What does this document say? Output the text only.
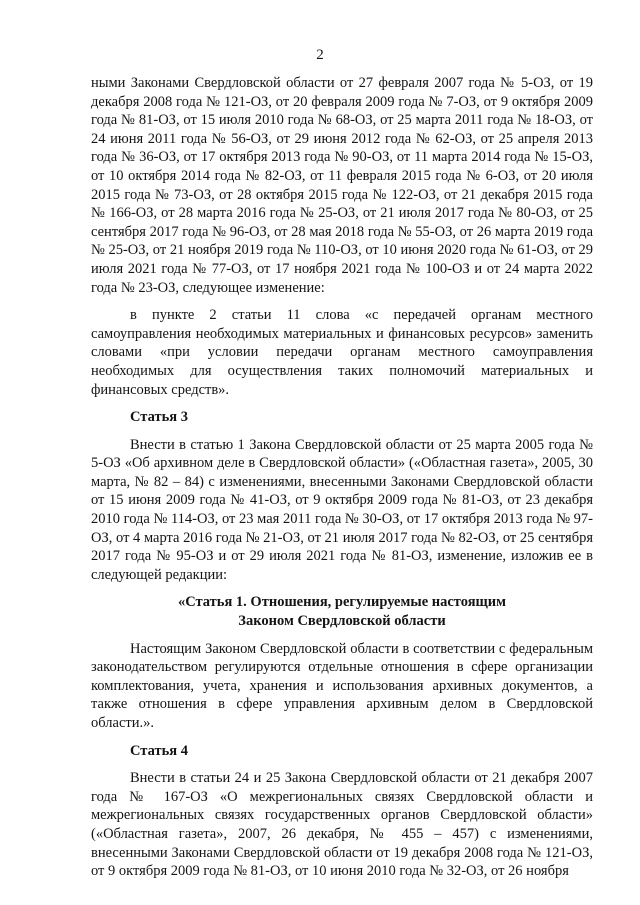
2

ными Законами Свердловской области от 27 февраля 2007 года № 5-ОЗ, от 19 декабря 2008 года № 121-ОЗ, от 20 февраля 2009 года № 7-ОЗ, от 9 октября 2009 года № 81-ОЗ, от 15 июля 2010 года № 68-ОЗ, от 25 марта 2011 года № 18-ОЗ, от 24 июня 2011 года № 56-ОЗ, от 29 июня 2012 года № 62-ОЗ, от 25 апреля 2013 года № 36-ОЗ, от 17 октября 2013 года № 90-ОЗ, от 11 марта 2014 года № 15-ОЗ, от 10 октября 2014 года № 82-ОЗ, от 11 февраля 2015 года № 6-ОЗ, от 20 июля 2015 года № 73-ОЗ, от 28 октября 2015 года № 122-ОЗ, от 21 декабря 2015 года № 166-ОЗ, от 28 марта 2016 года № 25-ОЗ, от 21 июля 2017 года № 80-ОЗ, от 25 сентября 2017 года № 96-ОЗ, от 28 мая 2018 года № 55-ОЗ, от 26 марта 2019 года № 25-ОЗ, от 21 ноября 2019 года № 110-ОЗ, от 10 июня 2020 года № 61-ОЗ, от 29 июля 2021 года № 77-ОЗ, от 17 ноября 2021 года № 100-ОЗ и от 24 марта 2022 года № 23-ОЗ, следующее изменение:

в пункте 2 статьи 11 слова «с передачей органам местного самоуправления необходимых материальных и финансовых ресурсов» заменить словами «при условии передачи органам местного самоуправления необходимых для осуществления таких полномочий материальных и финансовых средств».

Статья 3

Внести в статью 1 Закона Свердловской области от 25 марта 2005 года № 5-ОЗ «Об архивном деле в Свердловской области» («Областная газета», 2005, 30 марта, № 82 – 84) с изменениями, внесенными Законами Свердловской области от 15 июня 2009 года № 41-ОЗ, от 9 октября 2009 года № 81-ОЗ, от 23 декабря 2010 года № 114-ОЗ, от 23 мая 2011 года № 30-ОЗ, от 17 октября 2013 года № 97-ОЗ, от 4 марта 2016 года № 21-ОЗ, от 21 июля 2017 года № 82-ОЗ, от 25 сентября 2017 года № 95-ОЗ и от 29 июля 2021 года № 81-ОЗ, изменение, изложив ее в следующей редакции:

«Статья 1. Отношения, регулируемые настоящим
Законом Свердловской области

Настоящим Законом Свердловской области в соответствии с федеральным законодательством регулируются отдельные отношения в сфере организации комплектования, учета, хранения и использования архивных документов, а также отношения в сфере управления архивным делом в Свердловской области.».

Статья 4

Внести в статьи 24 и 25 Закона Свердловской области от 21 декабря 2007 года № 167-ОЗ «О межрегиональных связях Свердловской области и межрегиональных связях государственных органов Свердловской области» («Областная газета», 2007, 26 декабря, № 455 – 457) с изменениями, внесенными Законами Свердловской области от 19 декабря 2008 года № 121-ОЗ, от 9 октября 2009 года № 81-ОЗ, от 10 июня 2010 года № 32-ОЗ, от 26 ноября
